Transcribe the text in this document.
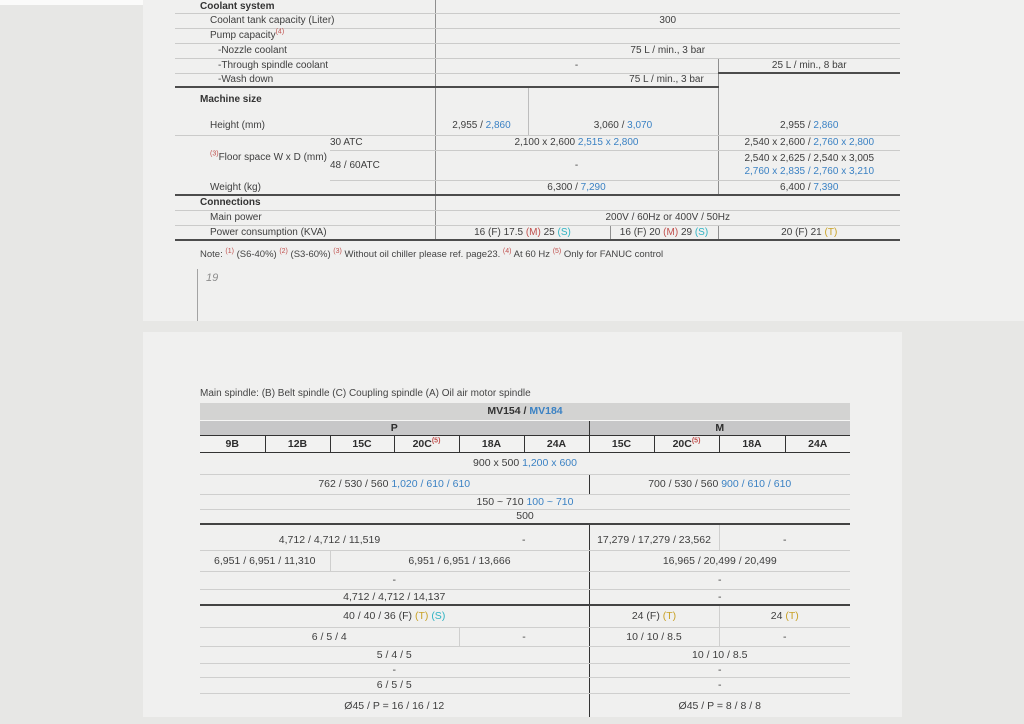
Coolant system					
Coolant tank capacity (Liter)		300			
Pump capacity$^{(4)}$	
-Nozzle coolant		75 L / min., 3 bar			
-Through spindle coolant		-			25 L / min., 8 bar
-Wash down		75 L / min., 3 bar			
Machine size					
Height (mm)		2,955 / 2,860	3,060 / 3,070		2,955 / 2,860
$^{(3)}$Floor space W x D (mm)	30 ATC	2,100 x 2,600 2,515 x 2,800			2,540 x 2,600 / 2,760 x 2,800
	48 / 60ATC	-			2,540 x 2,625 / 2,540 x 3,005
2,760 x 2,835 / 2,760 x 3,210
Weight (kg)		6,300 / 7,290			6,400 / 7,390
Connections					
Main power		200V / 60Hz or 400V / 50Hz			
Power consumption (KVA)		16 (F) 17.5 (M) 25 (S)		16 (F) 20 (M) 29 (S)	20 (F) 21 (T)
Note: $^{(1)}$ (S6-40%) $^{(2)}$ (S3-60%) $^{(3)}$ Without oil chiller please ref. page23. $^{(4)}$ At 60 Hz $^{(5)}$ Only for FANUC control
19
Main spindle: (B) Belt spindle (C) Coupling spindle (A) Oil air motor spindle
MV154 / MV184									
P						M			
9B	12B	15C	$20C^{(5)}$	18A	24A	15C	$20C^{(5)}$	18A	24A
900 x 500 1,200 x 600									
762 / 530 / 560 1,020 / 610 / 610						700 / 530 / 560 900 / 610 / 610			
150 ~ 710 100 ~ 710									
500									
4,712 / 4,712 / 11,519				-		17,279 / 17,279 / 23,562		-	
6,951 / 6,951 / 11,310		6,951 / 6,951 / 13,666				16,965 / 20,499 / 20,499			
-						-			
4,712 / 4,712 / 14,137						-			
40 / 40 / 36 (F) (T) (S)						24 (F) (T)		24 (T)	
6 / 5 / 4				-		10 / 10 / 8.5		-	
5 / 4 / 5						10 / 10 / 8.5			
-						-			
6 / 5 / 5						-			
Ø45 / P = 16 / 16 / 12						Ø45 / P = 8 / 8 / 8			
